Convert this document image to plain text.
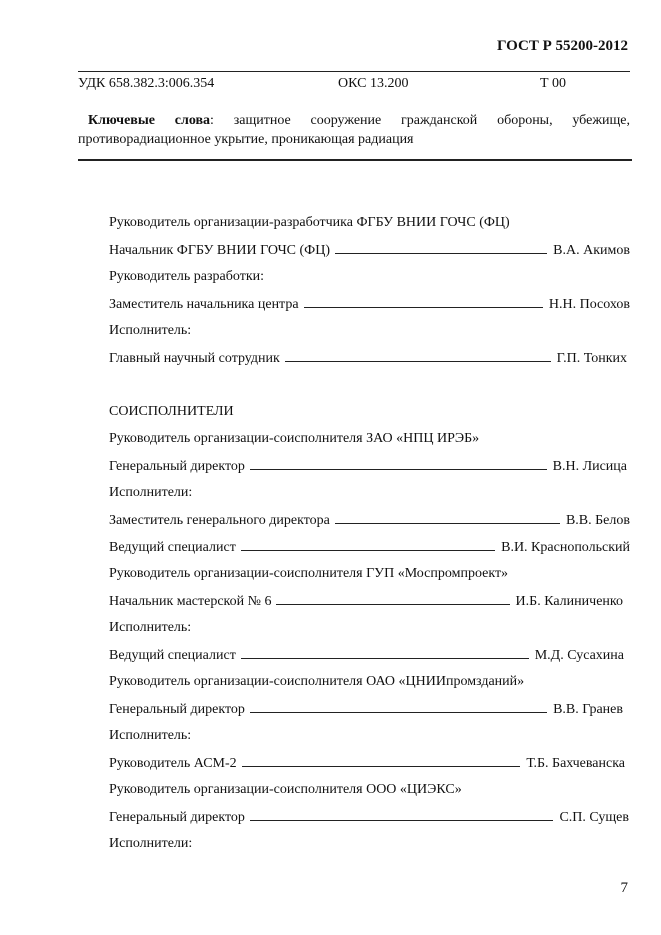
ГОСТ Р 55200-2012
УДК 658.382.3:006.354	ОКС 13.200	Т 00
Ключевые слова: защитное сооружение гражданской обороны, убежище,
противорадиационное укрытие, проникающая радиация
Руководитель организации-разработчика ФГБУ ВНИИ ГОЧС (ФЦ)
Начальник ФГБУ ВНИИ ГОЧС (ФЦ)	В.А. Акимов
Руководитель разработки:
Заместитель начальника центра	Н.Н. Посохов
Исполнитель:
Главный научный сотрудник	Г.П. Тонких
СОИСПОЛНИТЕЛИ
Руководитель организации-соисполнителя ЗАО «НПЦ ИРЭБ»
Генеральный директор	В.Н. Лисица
Исполнители:
Заместитель генерального директора	В.В. Белов
Ведущий специалист	В.И. Краснопольский
Руководитель организации-соисполнителя ГУП «Моспромпроект»
Начальник мастерской № 6	И.Б. Калиниченко
Исполнитель:
Ведущий специалист	М.Д. Сусахина
Руководитель организации-соисполнителя ОАО «ЦНИИпромзданий»
Генеральный директор	В.В. Гранев
Исполнитель:
Руководитель АСМ-2	Т.Б. Бахчеванска
Руководитель организации-соисполнителя ООО «ЦИЭКС»
Генеральный директор	С.П. Сущев
Исполнители:
7
